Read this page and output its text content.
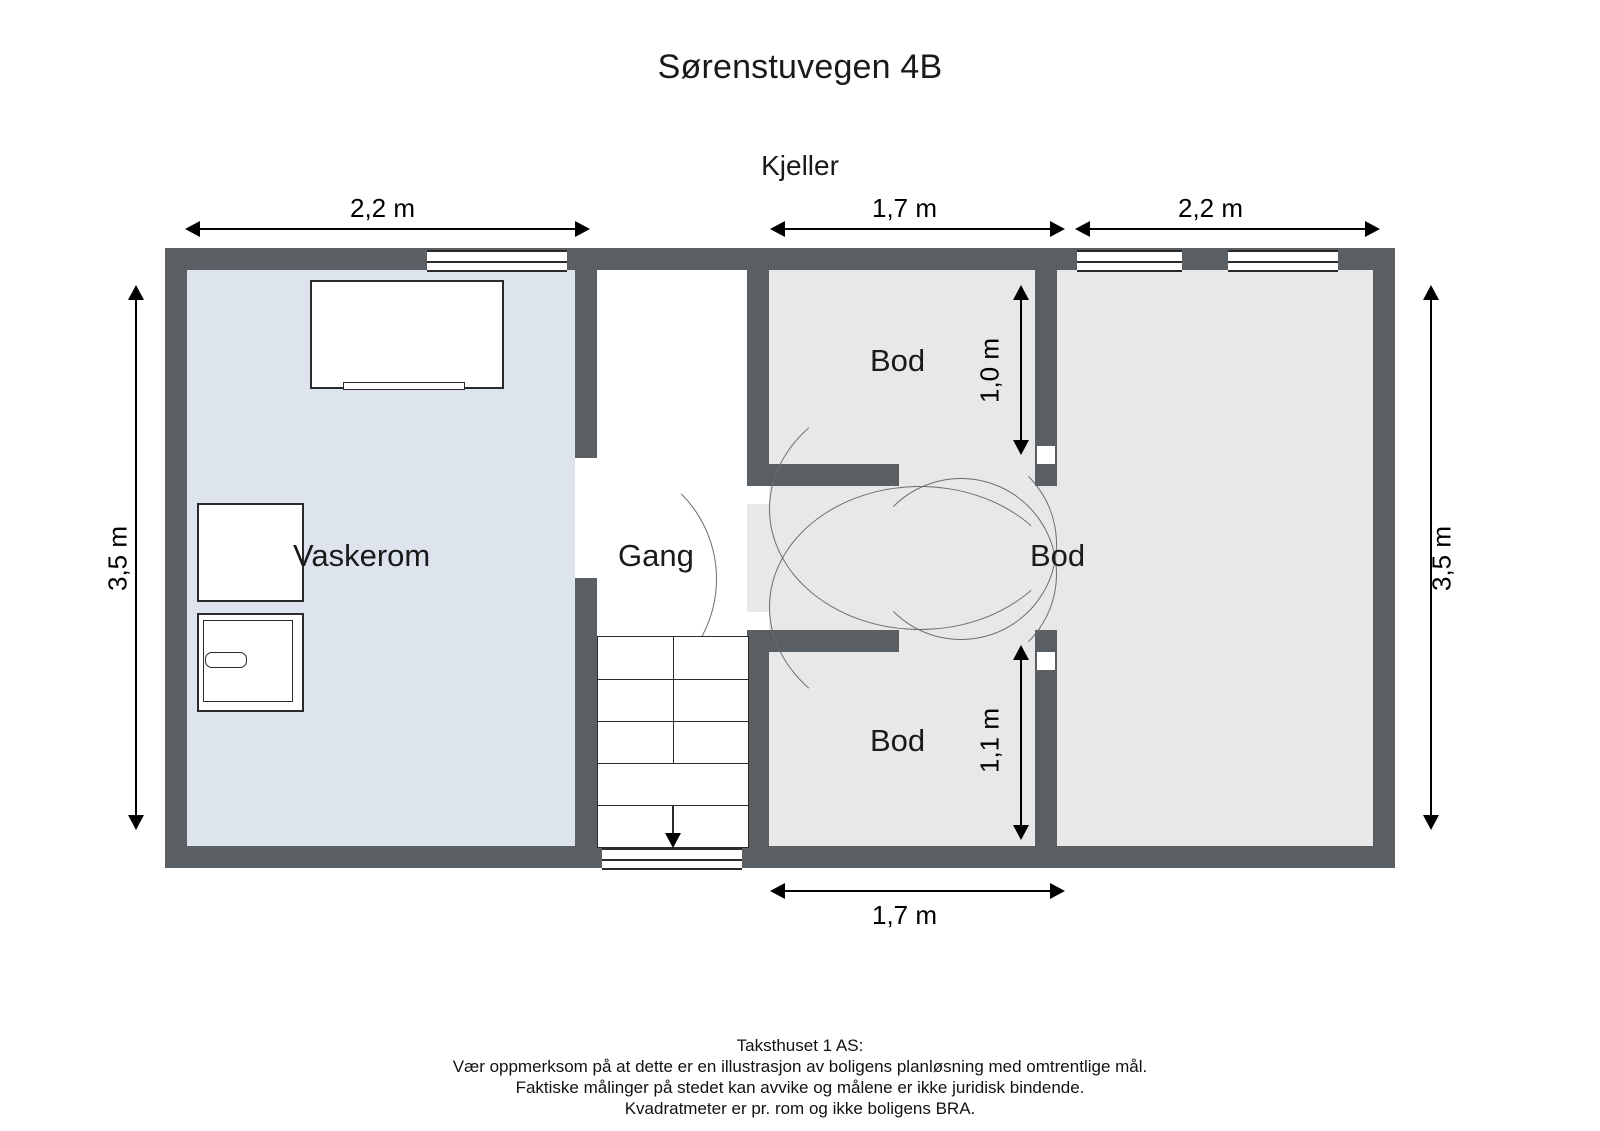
Sørenstuvegen 4B
Kjeller
Vaskerom	Gang
Bod
Bod
Bod
2,2 m	1,7 m	2,2 m
3,5 m	3,5 m
1,0 m
1,1 m
1,7 m
Taksthuset 1 AS:
Vær oppmerksom på at dette er en illustrasjon av boligens planløsning med omtrentlige mål.
Faktiske målinger på stedet kan avvike og målene er ikke juridisk bindende.
Kvadratmeter er pr. rom og ikke boligens BRA.
